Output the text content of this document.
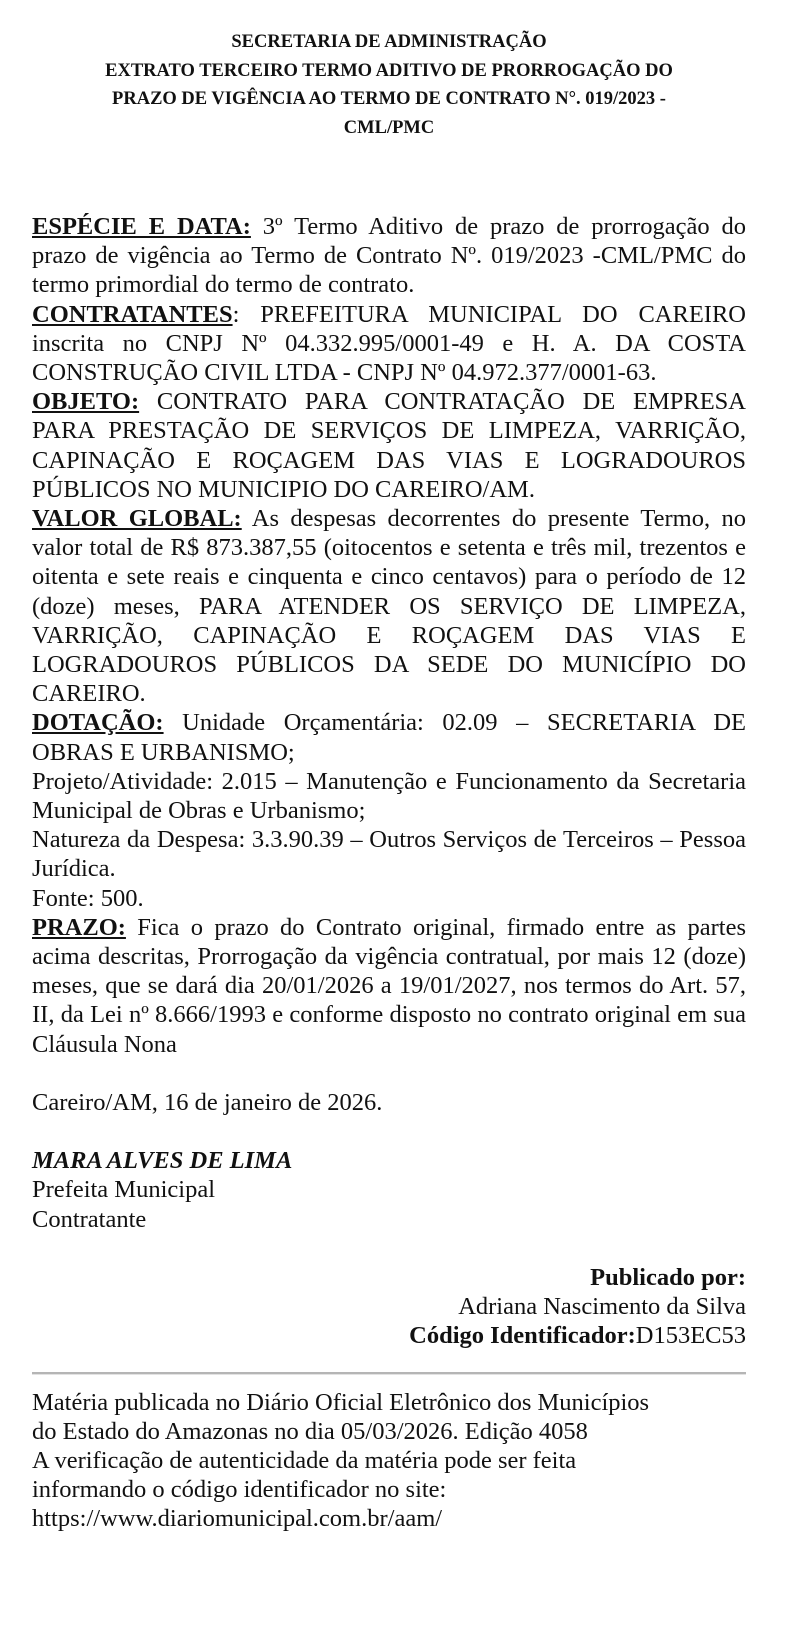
SECRETARIA DE ADMINISTRAÇÃO
EXTRATO TERCEIRO TERMO ADITIVO DE PRORROGAÇÃO DO
PRAZO DE VIGÊNCIA AO TERMO DE CONTRATO N°. 019/2023 -
CML/PMC

ESPÉCIE E DATA: 3º Termo Aditivo de prazo de prorrogação do prazo de vigência ao Termo de Contrato Nº. 019/2023 -CML/PMC do termo primordial do termo de contrato.

CONTRATANTES: PREFEITURA MUNICIPAL DO CAREIRO inscrita no CNPJ Nº 04.332.995/0001-49 e H. A. DA COSTA CONSTRUÇÃO CIVIL LTDA - CNPJ Nº 04.972.377/0001-63.

OBJETO: CONTRATO PARA CONTRATAÇÃO DE EMPRESA PARA PRESTAÇÃO DE SERVIÇOS DE LIMPEZA, VARRIÇÃO, CAPINAÇÃO E ROÇAGEM DAS VIAS E LOGRADOUROS PÚBLICOS NO MUNICIPIO DO CAREIRO/AM.

VALOR GLOBAL: As despesas decorrentes do presente Termo, no valor total de R$ 873.387,55 (oitocentos e setenta e três mil, trezentos e oitenta e sete reais e cinquenta e cinco centavos) para o período de 12 (doze) meses, PARA ATENDER OS SERVIÇO DE LIMPEZA, VARRIÇÃO, CAPINAÇÃO E ROÇAGEM DAS VIAS E LOGRADOUROS PÚBLICOS DA SEDE DO MUNICÍPIO DO CAREIRO.

DOTAÇÃO: Unidade Orçamentária: 02.09 – SECRETARIA DE OBRAS E URBANISMO;

Projeto/Atividade: 2.015 – Manutenção e Funcionamento da Secretaria Municipal de Obras e Urbanismo;

Natureza da Despesa: 3.3.90.39 – Outros Serviços de Terceiros – Pessoa Jurídica.

Fonte: 500.

PRAZO: Fica o prazo do Contrato original, firmado entre as partes acima descritas, Prorrogação da vigência contratual, por mais 12 (doze) meses, que se dará dia 20/01/2026 a 19/01/2027, nos termos do Art. 57, II, da Lei nº 8.666/1993 e conforme disposto no contrato original em sua Cláusula Nona

Careiro/AM, 16 de janeiro de 2026.

MARA ALVES DE LIMA

Prefeita Municipal

Contratante

Publicado por:
Adriana Nascimento da Silva
Código Identificador:D153EC53
Matéria publicada no Diário Oficial Eletrônico dos Municípios
do Estado do Amazonas no dia 05/03/2026. Edição 4058
A verificação de autenticidade da matéria pode ser feita
informando o código identificador no site:
https://www.diariomunicipal.com.br/aam/
